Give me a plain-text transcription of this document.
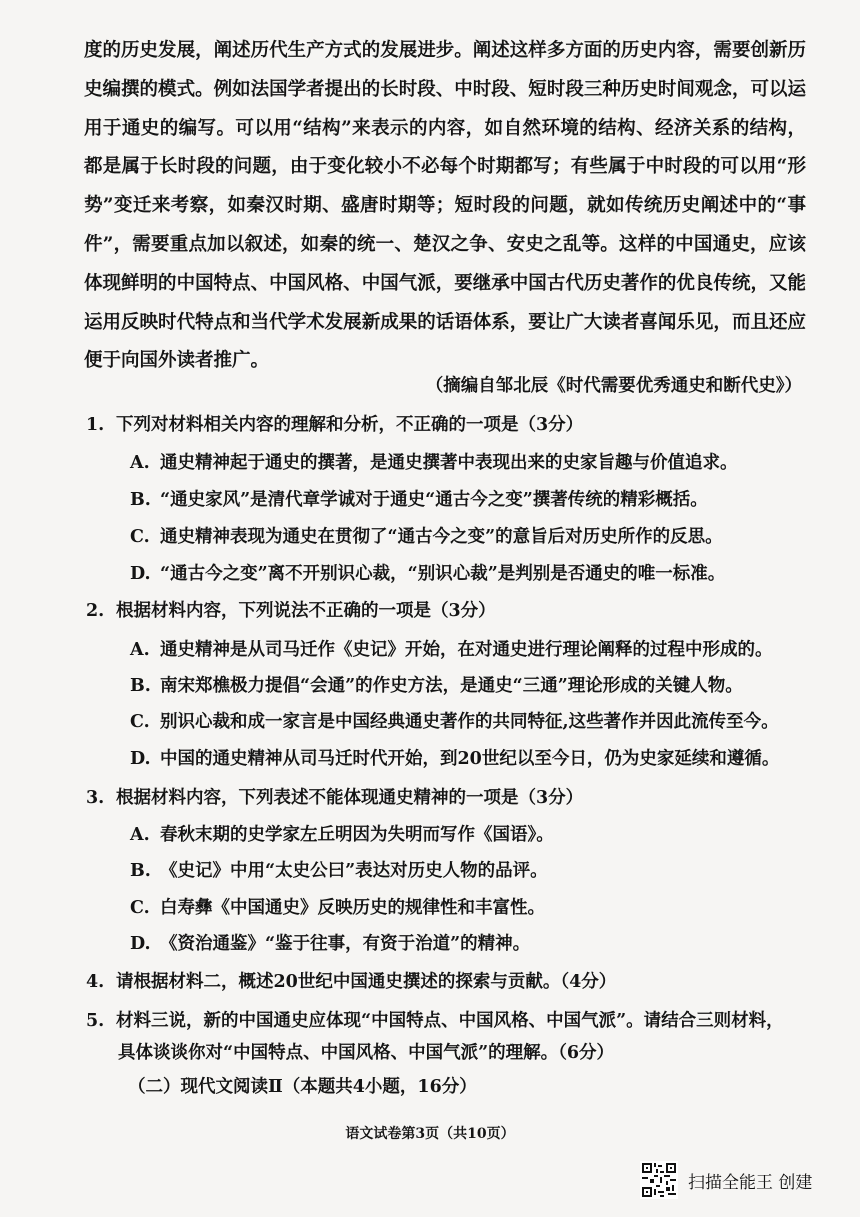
度的历史发展，阐述历代生产方式的发展进步。阐述这样多方面的历史内容，需要创新历
史编撰的模式。例如法国学者提出的长时段、中时段、短时段三种历史时间观念，可以运
用于通史的编写。可以用“结构”来表示的内容，如自然环境的结构、经济关系的结构，
都是属于长时段的问题，由于变化较小不必每个时期都写；有些属于中时段的可以用“形
势”变迁来考察，如秦汉时期、盛唐时期等；短时段的问题，就如传统历史阐述中的“事
件”，需要重点加以叙述，如秦的统一、楚汉之争、安史之乱等。这样的中国通史，应该
体现鲜明的中国特点、中国风格、中国气派，要继承中国古代历史著作的优良传统，又能
运用反映时代特点和当代学术发展新成果的话语体系，要让广大读者喜闻乐见，而且还应
便于向国外读者推广。
（摘编自邹北辰《时代需要优秀通史和断代史》）
1. 下列对材料相关内容的理解和分析，不正确的一项是（3分）
A. 通史精神起于通史的撰著，是通史撰著中表现出来的史家旨趣与价值追求。
B. “通史家风”是清代章学诚对于通史“通古今之变”撰著传统的精彩概括。
C. 通史精神表现为通史在贯彻了“通古今之变”的意旨后对历史所作的反思。
D. “通古今之变”离不开别识心裁，“别识心裁”是判别是否通史的唯一标准。
2. 根据材料内容，下列说法不正确的一项是（3分）
A. 通史精神是从司马迁作《史记》开始，在对通史进行理论阐释的过程中形成的。
B. 南宋郑樵极力提倡“会通”的作史方法，是通史“三通”理论形成的关键人物。
C. 别识心裁和成一家言是中国经典通史著作的共同特征,这些著作并因此流传至今。
D. 中国的通史精神从司马迁时代开始，到20世纪以至今日，仍为史家延续和遵循。
3. 根据材料内容，下列表述不能体现通史精神的一项是（3分）
A. 春秋末期的史学家左丘明因为失明而写作《国语》。
B. 《史记》中用“太史公曰”表达对历史人物的品评。
C. 白寿彝《中国通史》反映历史的规律性和丰富性。
D. 《资治通鉴》“鉴于往事，有资于治道”的精神。
4. 请根据材料二，概述20世纪中国通史撰述的探索与贡献。（4分）
5. 材料三说，新的中国通史应体现“中国特点、中国风格、中国气派”。请结合三则材料，
具体谈谈你对“中国特点、中国风格、中国气派”的理解。（6分）
（二）现代文阅读Ⅱ（本题共4小题，16分）
语文试卷第3页（共10页）
扫描全能王 创建
